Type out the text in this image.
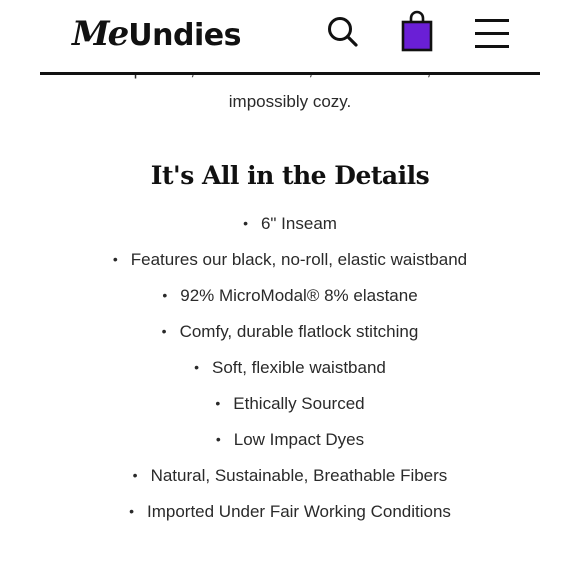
Me Undies
impossibly cozy.
It's All in the Details
• 6" Inseam
• Features our black, no-roll, elastic waistband
• 92% MicroModal® 8% elastane
• Comfy, durable flatlock stitching
• Soft, flexible waistband
• Ethically Sourced
• Low Impact Dyes
• Natural, Sustainable, Breathable Fibers
• Imported Under Fair Working Conditions
